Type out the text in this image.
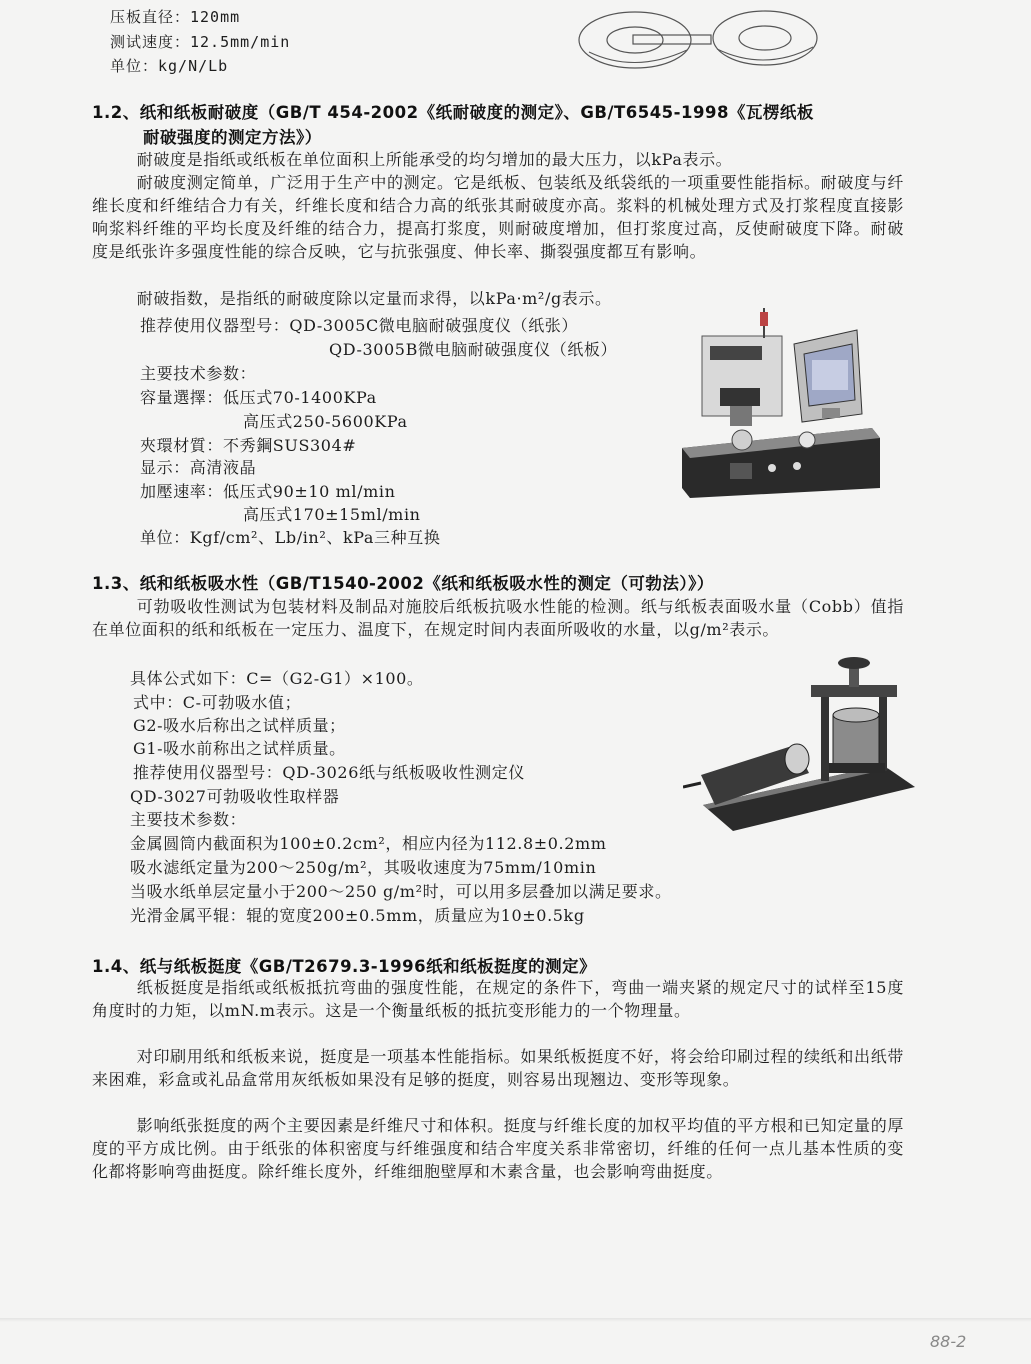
压板直径：120mm
测试速度：12.5mm/min
单位：kg/N/Lb
1.2、纸和纸板耐破度（GB/T 454-2002《纸耐破度的测定》、GB/T6545-1998《瓦楞纸板
耐破强度的测定方法》）

耐破度是指纸或纸板在单位面积上所能承受的均匀增加的最大压力，以kPa表示。

耐破度测定简单，广泛用于生产中的测定。它是纸板、包装纸及纸袋纸的一项重要性能指标。耐破度与纤维长度和纤维结合力有关，纤维长度和结合力高的纸张其耐破度亦高。浆料的机械处理方式及打浆程度直接影响浆料纤维的平均长度及纤维的结合力，提高打浆度，则耐破度增加，但打浆度过高，反使耐破度下降。耐破度是纸张许多强度性能的综合反映，它与抗张强度、伸长率、撕裂强度都互有影响。

耐破指数，是指纸的耐破度除以定量而求得，以kPa·m²/g表示。

推荐使用仪器型号：QD-3005C微电脑耐破强度仪（纸张）
QD-3005B微电脑耐破强度仪（纸板）
主要技术参数：
容量選擇：低压式70-1400KPa
高压式250-5600KPa
夾環材質：不秀鋼SUS304#
显示：高清液晶
加壓速率：低压式90±10 ml/min
高压式170±15ml/min
单位：Kgf/cm²、Lb/in²、kPa三种互换
1.3、纸和纸板吸水性（GB/T1540-2002《纸和纸板吸水性的测定（可勃法）》）

可勃吸收性测试为包装材料及制品对施胶后纸板抗吸水性能的检测。纸与纸板表面吸水量（Cobb）值指在单位面积的纸和纸板在一定压力、温度下，在规定时间内表面所吸收的水量，以g/m²表示。

具体公式如下：C=（G2-G1）×100。
式中：C-可勃吸水值；
G2-吸水后称出之试样质量；
G1-吸水前称出之试样质量。
推荐使用仪器型号：QD-3026纸与纸板吸收性测定仪
QD-3027可勃吸收性取样器
主要技术参数：
金属圆筒内截面积为100±0.2cm²，相应内径为112.8±0.2mm
吸水滤纸定量为200～250g/m²，其吸收速度为75mm/10min
当吸水纸单层定量小于200～250 g/m²时，可以用多层叠加以满足要求。
光滑金属平辊：辊的宽度200±0.5mm，质量应为10±0.5kg
1.4、纸与纸板挺度《GB/T2679.3-1996纸和纸板挺度的测定》

纸板挺度是指纸或纸板抵抗弯曲的强度性能，在规定的条件下，弯曲一端夹紧的规定尺寸的试样至15度角度时的力矩，以mN.m表示。这是一个衡量纸板的抵抗变形能力的一个物理量。

对印刷用纸和纸板来说，挺度是一项基本性能指标。如果纸板挺度不好，将会给印刷过程的续纸和出纸带来困难，彩盒或礼品盒常用灰纸板如果没有足够的挺度，则容易出现翘边、变形等现象。

影响纸张挺度的两个主要因素是纤维尺寸和体积。挺度与纤维长度的加权平均值的平方根和已知定量的厚度的平方成比例。由于纸张的体积密度与纤维强度和结合牢度关系非常密切，纤维的任何一点儿基本性质的变化都将影响弯曲挺度。除纤维长度外，纤维细胞壁厚和木素含量，也会影响弯曲挺度。

88-2
